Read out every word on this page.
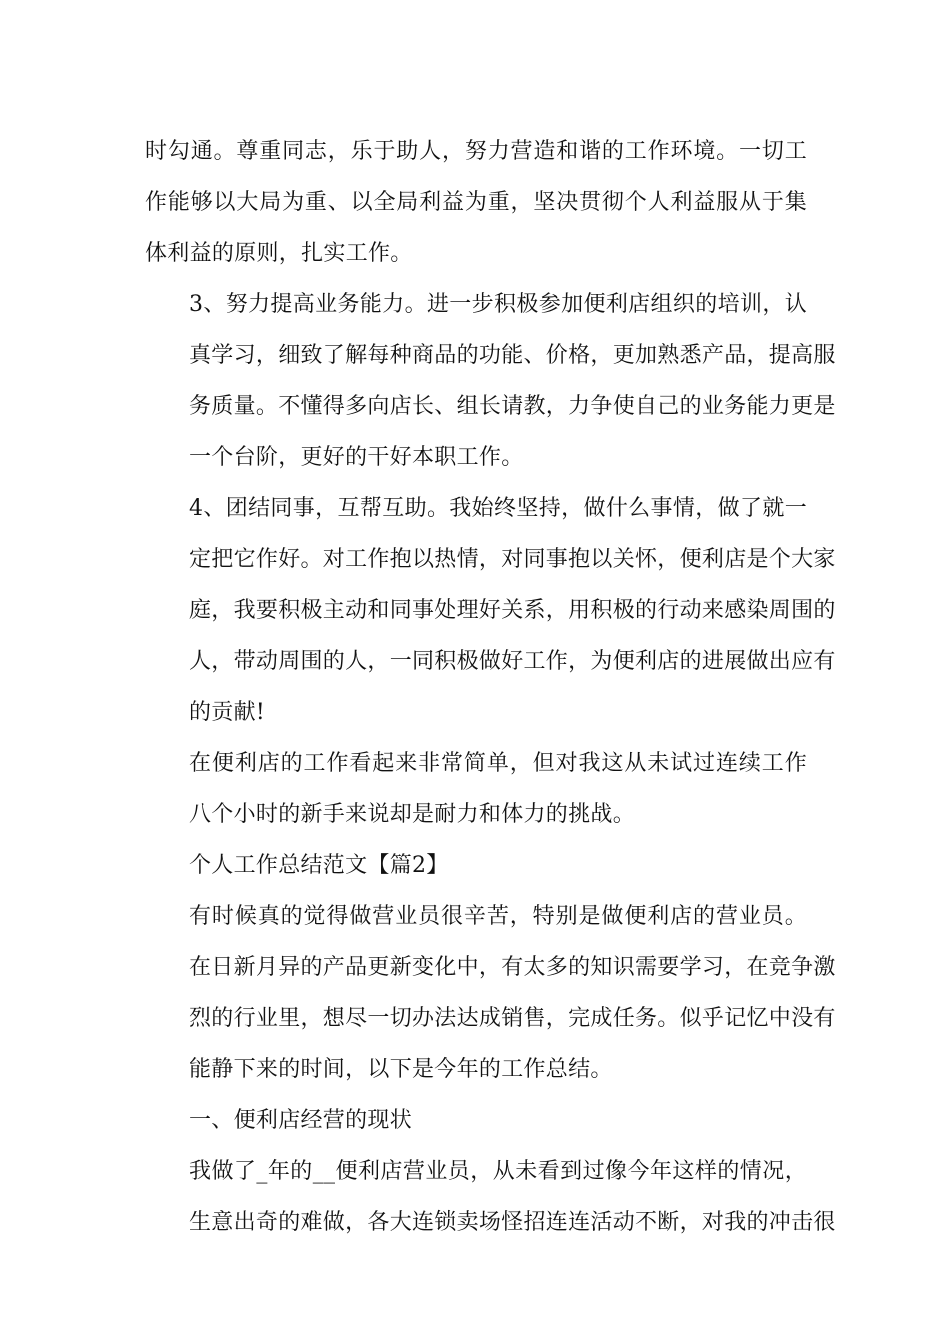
时勾通。尊重同志，乐于助人，努力营造和谐的工作环境。一切工
作能够以大局为重、以全局利益为重，坚决贯彻个人利益服从于集
体利益的原则，扎实工作。

3、努力提高业务能力。进一步积极参加便利店组织的培训，认
真学习，细致了解每种商品的功能、价格，更加熟悉产品，提高服
务质量。不懂得多向店长、组长请教，力争使自己的业务能力更是
一个台阶，更好的干好本职工作。

4、团结同事，互帮互助。我始终坚持，做什么事情，做了就一
定把它作好。对工作抱以热情，对同事抱以关怀，便利店是个大家
庭，我要积极主动和同事处理好关系，用积极的行动来感染周围的
人，带动周围的人，一同积极做好工作，为便利店的进展做出应有
的贡献!

在便利店的工作看起来非常简单，但对我这从未试过连续工作
八个小时的新手来说却是耐力和体力的挑战。

个人工作总结范文【篇2】

有时候真的觉得做营业员很辛苦，特别是做便利店的营业员。
在日新月异的产品更新变化中，有太多的知识需要学习，在竞争激
烈的行业里，想尽一切办法达成销售，完成任务。似乎记忆中没有
能静下来的时间，以下是今年的工作总结。

一、便利店经营的现状

我做了_年的__便利店营业员，从未看到过像今年这样的情况，
生意出奇的难做，各大连锁卖场怪招连连活动不断，对我的冲击很
